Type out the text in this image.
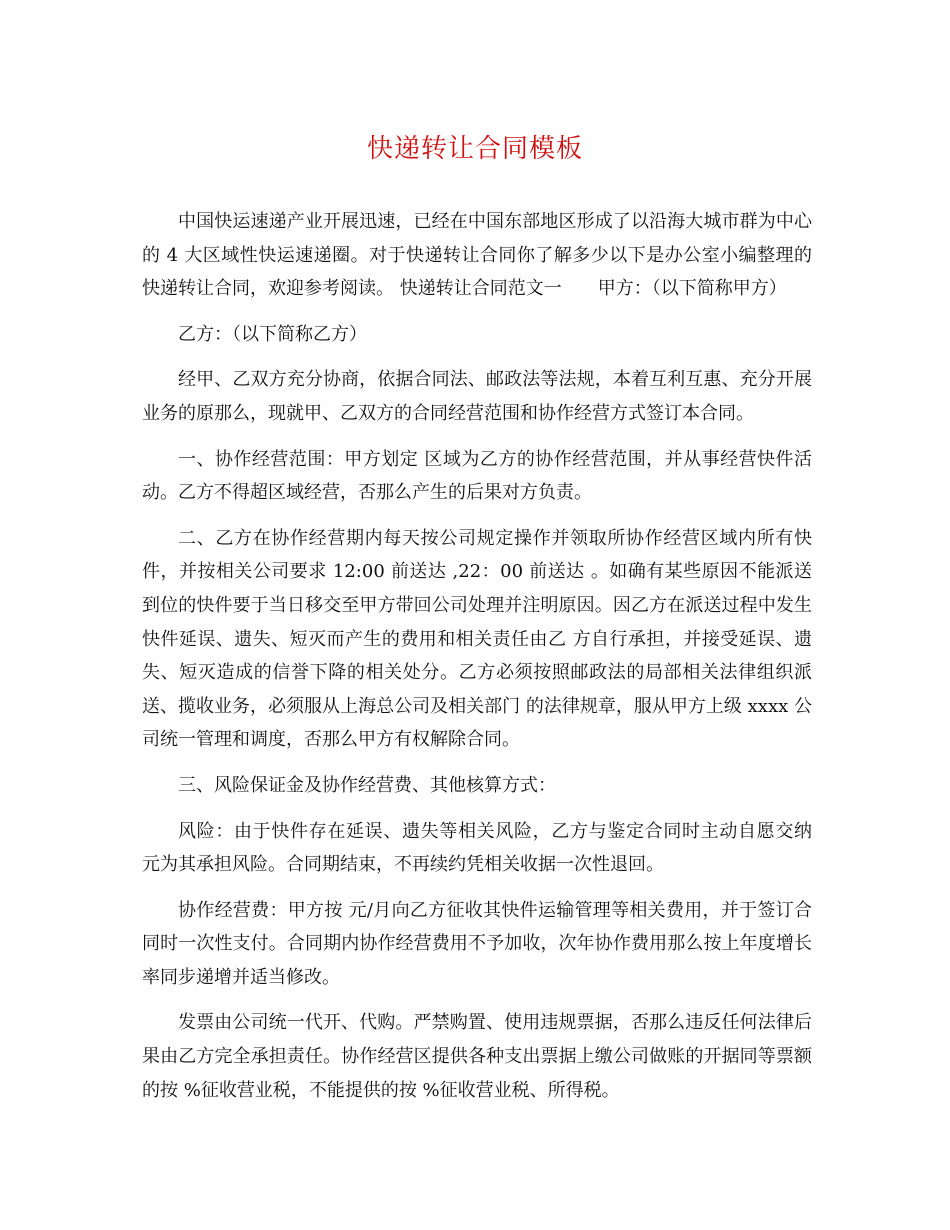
快递转让合同模板

中国快运速递产业开展迅速，已经在中国东部地区形成了以沿海大城市群为中心的 4 大区域性快运速递圈。对于快递转让合同你了解多少以下是办公室小编整理的快递转让合同，欢迎参考阅读。 快递转让合同范文一　　甲方：（以下简称甲方）

乙方：（以下简称乙方）

经甲、乙双方充分协商，依据合同法、邮政法等法规，本着互利互惠、充分开展业务的原那么，现就甲、乙双方的合同经营范围和协作经营方式签订本合同。

一、协作经营范围：甲方划定 区域为乙方的协作经营范围，并从事经营快件活动。乙方不得超区域经营，否那么产生的后果对方负责。

二、乙方在协作经营期内每天按公司规定操作并领取所协作经营区域内所有快件，并按相关公司要求 12:00 前送达 ,22：00 前送达 。如确有某些原因不能派送到位的快件要于当日移交至甲方带回公司处理并注明原因。因乙方在派送过程中发生快件延误、遗失、短灭而产生的费用和相关责任由乙 方自行承担，并接受延误、遗失、短灭造成的信誉下降的相关处分。乙方必须按照邮政法的局部相关法律组织派送、揽收业务，必须服从上海总公司及相关部门 的法律规章，服从甲方上级 xxxx 公司统一管理和调度，否那么甲方有权解除合同。

三、风险保证金及协作经营费、其他核算方式：

风险：由于快件存在延误、遗失等相关风险，乙方与鉴定合同时主动自愿交纳 元为其承担风险。合同期结束，不再续约凭相关收据一次性退回。

协作经营费：甲方按 元/月向乙方征收其快件运输管理等相关费用，并于签订合同时一次性支付。合同期内协作经营费用不予加收，次年协作费用那么按上年度增长率同步递增并适当修改。

发票由公司统一代开、代购。严禁购置、使用违规票据，否那么违反任何法律后果由乙方完全承担责任。协作经营区提供各种支出票据上缴公司做账的开据同等票额的按 %征收营业税，不能提供的按 %征收营业税、所得税。
